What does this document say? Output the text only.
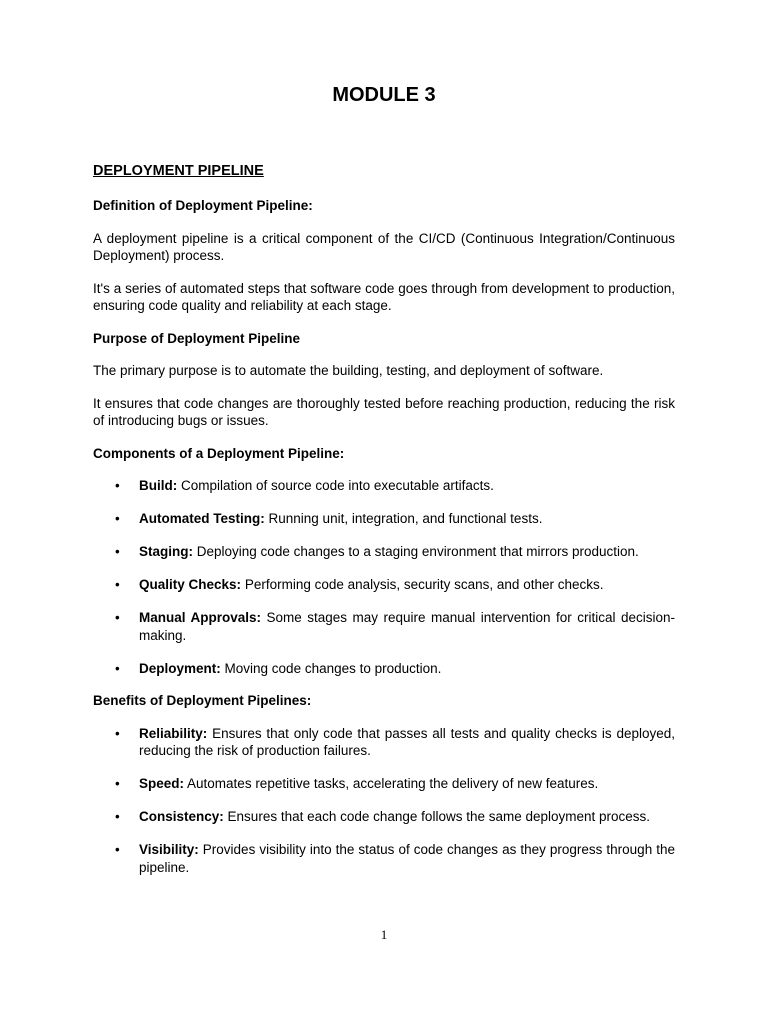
MODULE 3
DEPLOYMENT PIPELINE
Definition of Deployment Pipeline:

A deployment pipeline is a critical component of the CI/CD (Continuous Integration/Continuous Deployment) process.

It's a series of automated steps that software code goes through from development to production, ensuring code quality and reliability at each stage.

Purpose of Deployment Pipeline

The primary purpose is to automate the building, testing, and deployment of software.

It ensures that code changes are thoroughly tested before reaching production, reducing the risk of introducing bugs or issues.

Components of a Deployment Pipeline:
• Build: Compilation of source code into executable artifacts.
• Automated Testing: Running unit, integration, and functional tests.
• Staging: Deploying code changes to a staging environment that mirrors production.
• Quality Checks: Performing code analysis, security scans, and other checks.
• Manual Approvals: Some stages may require manual intervention for critical decision-making.
• Deployment: Moving code changes to production.
Benefits of Deployment Pipelines:
• Reliability: Ensures that only code that passes all tests and quality checks is deployed, reducing the risk of production failures.
• Speed: Automates repetitive tasks, accelerating the delivery of new features.
• Consistency: Ensures that each code change follows the same deployment process.
• Visibility: Provides visibility into the status of code changes as they progress through the pipeline.
1
